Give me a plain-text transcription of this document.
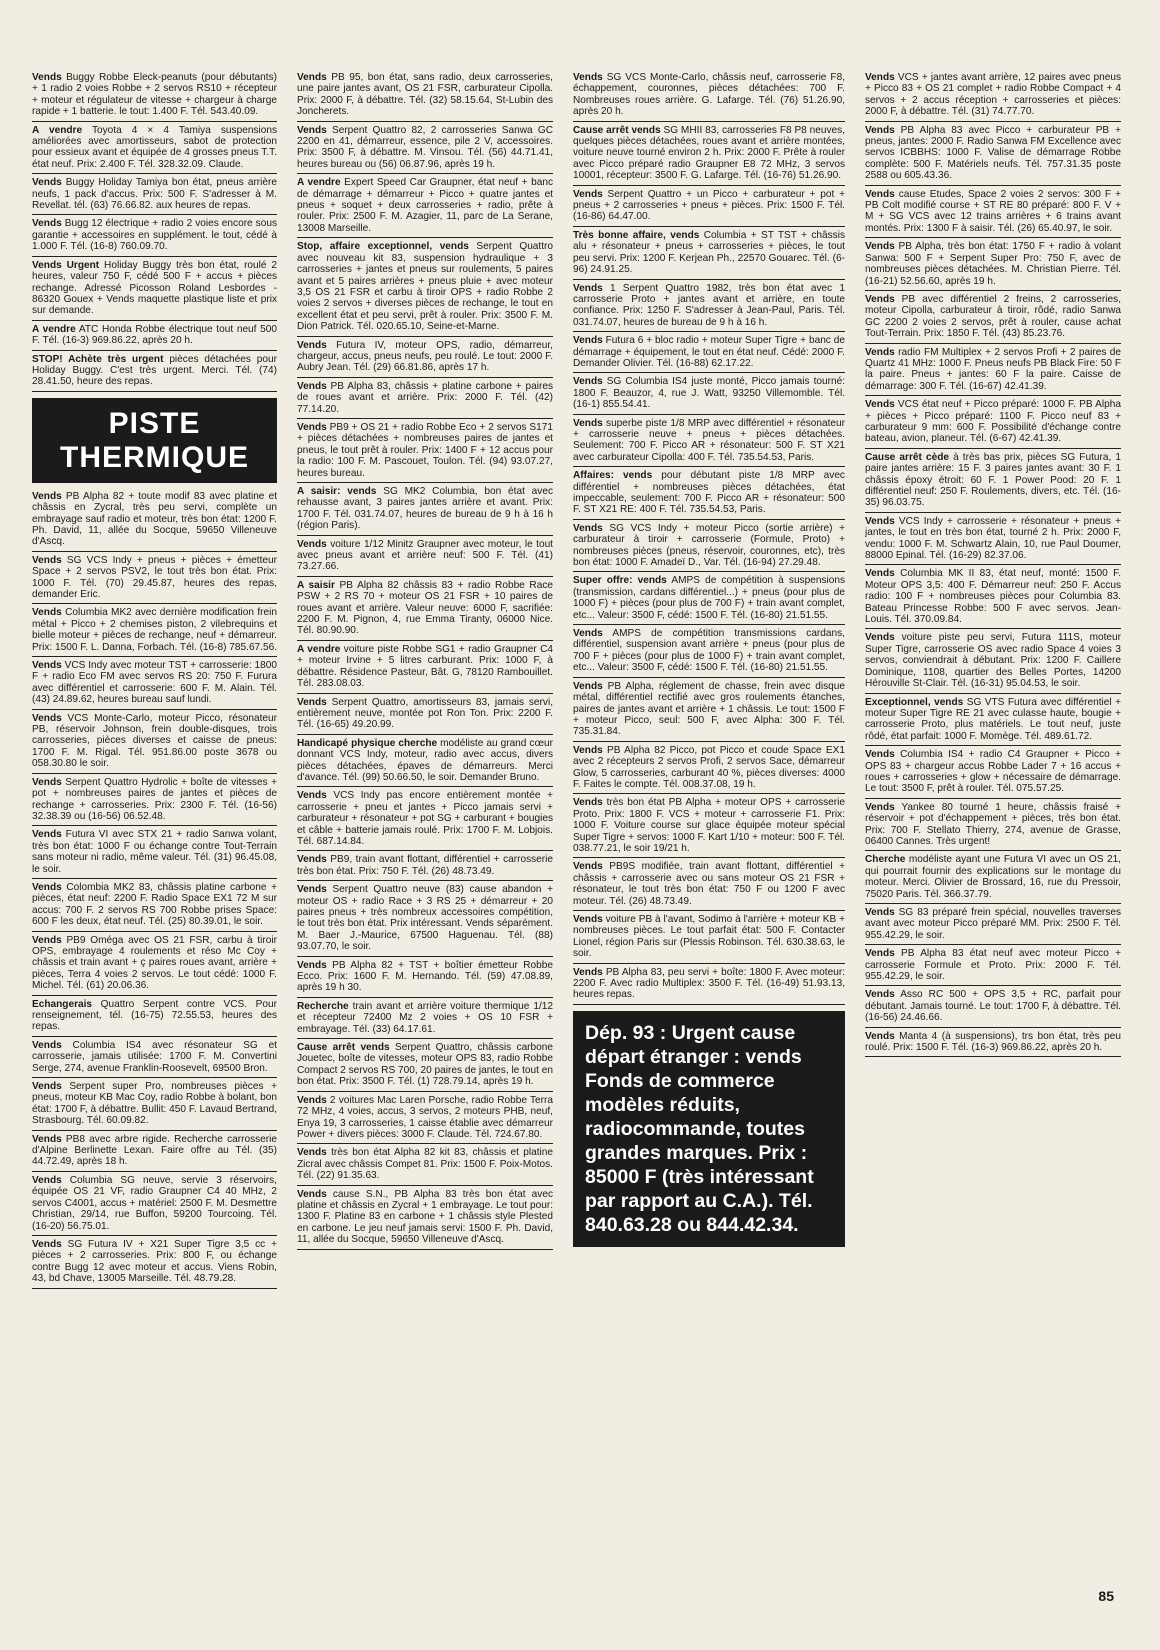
Vends Buggy Robbe Eleck-peanuts (pour débutants) + 1 radio 2 voies Robbe + 2 servos RS10 + récepteur + moteur et régulateur de vitesse + chargeur à charge rapide + 1 batterie. le tout: 1.400 F. Tél. 543.40.09.
A vendre Toyota 4 × 4 Tamiya suspensions améliorées avec amortisseurs, sabot de protection pour essieux avant et équipée de 4 grosses pneus T.T. état neuf. Prix: 2.400 F. Tél. 328.32.09. Claude.
Vends Buggy Holiday Tamiya bon état, pneus arrière neufs, 1 pack d'accus. Prix: 500 F. S'adresser à M. Revellat. tél. (63) 76.66.82. aux heures de repas.
Vends Bugg 12 électrique + radio 2 voies encore sous garantie + accessoires en supplément. le tout, cédé à 1.000 F. Tél. (16-8) 760.09.70.
Vends Urgent Holiday Buggy très bon état, roulé 2 heures, valeur 750 F, cédé 500 F + accus + pièces rechange. Adressé Picosson Roland Lesbordes - 86320 Gouex + Vends maquette plastique liste et prix sur demande.
A vendre ATC Honda Robbe électrique tout neuf 500 F. Tél. (16-3) 969.86.22, après 20 h.
STOP! Achète très urgent pièces détachées pour Holiday Buggy. C'est très urgent. Merci. Tél. (74) 28.41.50, heure des repas.
PISTE
THERMIQUE
Vends PB Alpha 82 + toute modif 83 avec platine et châssis en Zycral, très peu servi, complète un embrayage sauf radio et moteur, très bon état: 1200 F. Ph. David, 11, allée du Socque, 59650 Villeneuve d'Ascq.
Vends SG VCS Indy + pneus + pièces + émetteur Space + 2 servos PSV2, le tout très bon état. Prix: 1000 F. Tél. (70) 29.45.87, heures des repas, demander Eric.
Vends Columbia MK2 avec dernière modification frein métal + Picco + 2 chemises piston, 2 vilebrequins et bielle moteur + pièces de rechange, neuf + démarreur. Prix: 1500 F. L. Danna, Forbach. Tél. (16-8) 785.67.56.
Vends VCS Indy avec moteur TST + carrosserie: 1800 F + radio Eco FM avec servos RS 20: 750 F. Furura avec différentiel et carrosserie: 600 F. M. Alain. Tél. (43) 24.89.62, heures bureau sauf lundi.
Vends VCS Monte-Carlo, moteur Picco, résonateur PB, réservoir Johnson, frein double-disques, trois carrosseries, pièces diverses et caisse de pneus: 1700 F. M. Rigal. Tél. 951.86.00 poste 3678 ou 058.30.80 le soir.
Vends Serpent Quattro Hydrolic + boîte de vitesses + pot + nombreuses paires de jantes et pièces de rechange + carrosseries. Prix: 2300 F. Tél. (16-56) 32.38.39 ou (16-56) 06.52.48.
Vends Futura VI avec STX 21 + radio Sanwa volant, très bon état: 1000 F ou échange contre Tout-Terrain sans moteur ni radio, même valeur. Tél. (31) 96.45.08, le soir.
Vends Colombia MK2 83, châssis platine carbone + pièces, état neuf: 2200 F. Radio Space EX1 72 M sur accus: 700 F. 2 servos RS 700 Robbe prises Space: 600 F les deux, état neuf. Tél. (25) 80.39.01, le soir.
Vends PB9 Oméga avec OS 21 FSR, carbu à tiroir OPS, embrayage 4 roulements et réso Mc Coy + châssis et train avant + ç paires roues avant, arrière + pièces, Terra 4 voies 2 servos. Le tout cédé: 1000 F. Michel. Tél. (61) 20.06.36.
Echangerais Quattro Serpent contre VCS. Pour renseignement, tél. (16-75) 72.55.53, heures des repas.
Vends Columbia IS4 avec résonateur SG et carrosserie, jamais utilisée: 1700 F. M. Convertini Serge, 274, avenue Franklin-Roosevelt, 69500 Bron.
Vends Serpent super Pro, nombreuses pièces + pneus, moteur KB Mac Coy, radio Robbe à bolant, bon état: 1700 F, à débattre. Bullit: 450 F. Lavaud Bertrand, Strasbourg. Tél. 60.09.82.
Vends PB8 avec arbre rigide. Recherche carrosserie d'Alpine Berlinette Lexan. Faire offre au Tél. (35) 44.72.49, après 18 h.
Vends Columbia SG neuve, servie 3 réservoirs, équipée OS 21 VF, radio Graupner C4 40 MHz, 2 servos C4001, accus + matériel: 2500 F. M. Desmettre Christian, 29/14, rue Buffon, 59200 Tourcoing. Tél. (16-20) 56.75.01.
Vends SG Futura IV + X21 Super Tigre 3,5 cc + pièces + 2 carrosseries. Prix: 800 F, ou échange contre Bugg 12 avec moteur et accus. Viens Robin, 43, bd Chave, 13005 Marseille. Tél. 48.79.28.
Vends PB 95, bon état, sans radio, deux carrosseries, une paire jantes avant, OS 21 FSR, carburateur Cipolla. Prix: 2000 F, à débattre. Tél. (32) 58.15.64, St-Lubin des Joncherets.
Vends Serpent Quattro 82, 2 carrosseries Sanwa GC 2200 en 41, démarreur, essence, pile 2 V, accessoires. Prix: 3500 F, à débattre. M. Vinsou. Tél. (56) 44.71.41, heures bureau ou (56) 06.87.96, après 19 h.
A vendre Expert Speed Car Graupner, état neuf + banc de démarrage + démarreur + Picco + quatre jantes et pneus + soquet + deux carrosseries + radio, prête à rouler. Prix: 2500 F. M. Azagier, 11, parc de La Serane, 13008 Marseille.
Stop, affaire exceptionnel, vends Serpent Quattro avec nouveau kit 83, suspension hydraulique + 3 carrosseries + jantes et pneus sur roulements, 5 paires avant et 5 paires arrières + pneus pluie + avec moteur 3,5 OS 21 FSR et carbu à tiroir OPS + radio Robbe 2 voies 2 servos + diverses pièces de rechange, le tout en excellent état et peu servi, prêt à rouler. Prix: 3500 F. M. Dion Patrick. Tél. 020.65.10, Seine-et-Marne.
Vends Futura IV, moteur OPS, radio, démarreur, chargeur, accus, pneus neufs, peu roulé. Le tout: 2000 F. Aubry Jean. Tél. (29) 66.81.86, après 17 h.
Vends PB Alpha 83, châssis + platine carbone + paires de roues avant et arrière. Prix: 2000 F. Tél. (42) 77.14.20.
Vends PB9 + OS 21 + radio Robbe Eco + 2 servos S171 + pièces détachées + nombreuses paires de jantes et pneus, le tout prêt à rouler. Prix: 1400 F + 12 accus pour la radio: 100 F. M. Pascouet, Toulon. Tél. (94) 93.07.27, heures bureau.
A saisir: vends SG MK2 Columbia, bon état avec rehausse avant, 3 paires jantes arrière et avant. Prix: 1700 F. Tél. 031.74.07, heures de bureau de 9 h à 16 h (région Paris).
Vends voiture 1/12 Minitz Graupner avec moteur, le tout avec pneus avant et arrière neuf: 500 F. Tél. (41) 73.27.66.
A saisir PB Alpha 82 châssis 83 + radio Robbe Race PSW + 2 RS 70 + moteur OS 21 FSR + 10 paires de roues avant et arrière. Valeur neuve: 6000 F, sacrifiée: 2200 F. M. Pignon, 4, rue Emma Tiranty, 06000 Nice. Tél. 80.90.90.
A vendre voiture piste Robbe SG1 + radio Graupner C4 + moteur Irvine + 5 litres carburant. Prix: 1000 F, à débattre. Résidence Pasteur, Bât. G, 78120 Rambouillet. Tél. 283.08.03.
Vends Serpent Quattro, amortisseurs 83, jamais servi, entièrement neuve, montée pot Ron Ton. Prix: 2200 F. Tél. (16-65) 49.20.99.
Handicapé physique cherche modéliste au grand cœur donnant VCS Indy, moteur, radio avec accus, divers pièces détachées, épaves de démarreurs. Merci d'avance. Tél. (99) 50.66.50, le soir. Demander Bruno.
Vends VCS Indy pas encore entièrement montée + carrosserie + pneu et jantes + Picco jamais servi + carburateur + résonateur + pot SG + carburant + bougies et câble + batterie jamais roulé. Prix: 1700 F. M. Lobjois. Tél. 687.14.84.
Vends PB9, train avant flottant, différentiel + carrosserie très bon état. Prix: 750 F. Tél. (26) 48.73.49.
Vends Serpent Quattro neuve (83) cause abandon + moteur OS + radio Race + 3 RS 25 + démarreur + 20 paires pneus + très nombreux accessoires compétition, le tout très bon état. Prix intéressant. Vends séparément. M. Baer J.-Maurice, 67500 Haguenau. Tél. (88) 93.07.70, le soir.
Vends PB Alpha 82 + TST + boîtier émetteur Robbe Ecco. Prix: 1600 F. M. Hernando. Tél. (59) 47.08.89, après 19 h 30.
Recherche train avant et arrière voiture thermique 1/12 et récepteur 72400 Mz 2 voies + OS 10 FSR + embrayage. Tél. (33) 64.17.61.
Cause arrêt vends Serpent Quattro, châssis carbone Jouetec, boîte de vitesses, moteur OPS 83, radio Robbe Compact 2 servos RS 700, 20 paires de jantes, le tout en bon état. Prix: 3500 F. Tél. (1) 728.79.14, après 19 h.
Vends 2 voitures Mac Laren Porsche, radio Robbe Terra 72 MHz, 4 voies, accus, 3 servos, 2 moteurs PHB, neuf, Enya 19, 3 carrosseries, 1 caisse établie avec démarreur Power + divers pièces: 3000 F. Claude. Tél. 724.67.80.
Vends très bon état Alpha 82 kit 83, châssis et platine Zicral avec châssis Compet 81. Prix: 1500 F. Poix-Motos. Tél. (22) 91.35.63.
Vends cause S.N., PB Alpha 83 très bon état avec platine et châssis en Zycral + 1 embrayage. Le tout pour: 1300 F. Platine 83 en carbone + 1 châssis style Plested en carbone. Le jeu neuf jamais servi: 1500 F. Ph. David, 11, allée du Socque, 59650 Villeneuve d'Ascq.
Vends SG VCS Monte-Carlo, châssis neuf, carrosserie F8, échappement, couronnes, pièces détachées: 700 F. Nombreuses roues arrière. G. Lafarge. Tél. (76) 51.26.90, après 20 h.
Cause arrêt vends SG MHII 83, carrosseries F8 P8 neuves, quelques pièces détachées, roues avant et arrière montées, voiture neuve tourné environ 2 h. Prix: 2000 F. Prête à rouler avec Picco préparé radio Graupner E8 72 MHz, 3 servos 10001, récepteur: 3500 F. G. Lafarge. Tél. (16-76) 51.26.90.
Vends Serpent Quattro + un Picco + carburateur + pot + pneus + 2 carrosseries + pneus + pièces. Prix: 1500 F. Tél. (16-86) 64.47.00.
Très bonne affaire, vends Columbia + ST TST + châssis alu + résonateur + pneus + carrosseries + pièces, le tout peu servi. Prix: 1200 F. Kerjean Ph., 22570 Gouarec. Tél. (6-96) 24.91.25.
Vends 1 Serpent Quattro 1982, très bon état avec 1 carrosserie Proto + jantes avant et arrière, en toute confiance. Prix: 1250 F. S'adresser à Jean-Paul, Paris. Tél. 031.74.07, heures de bureau de 9 h à 16 h.
Vends Futura 6 + bloc radio + moteur Super Tigre + banc de démarrage + équipement, le tout en état neuf. Cédé: 2000 F. Demander Olivier. Tél. (16-88) 62.17.22.
Vends SG Columbia IS4 juste monté, Picco jamais tourné: 1800 F. Beauzor, 4, rue J. Watt, 93250 Villemomble. Tél. (16-1) 855.54.41.
Vends superbe piste 1/8 MRP avec différentiel + résonateur + carrosserie neuve + pneus + pièces détachées. Seulement: 700 F. Picco AR + résonateur: 500 F. ST X21 avec carburateur Cipolla: 400 F. Tél. 735.54.53, Paris.
Affaires: vends pour débutant piste 1/8 MRP avec différentiel + nombreuses pièces détachées, état impeccable, seulement: 700 F. Picco AR + résonateur: 500 F. ST X21 RE: 400 F. Tél. 735.54.53, Paris.
Vends SG VCS Indy + moteur Picco (sortie arrière) + carburateur à tiroir + carrosserie (Formule, Proto) + nombreuses pièces (pneus, réservoir, couronnes, etc), très bon état: 1000 F. Amadeï D., Var. Tél. (16-94) 27.29.48.
Super offre: vends AMPS de compétition à suspensions (transmission, cardans différentiel...) + pneus (pour plus de 1000 F) + pièces (pour plus de 700 F) + train avant complet, etc... Valeur: 3500 F, cédé: 1500 F. Tél. (16-80) 21.51.55.
Vends AMPS de compétition transmissions cardans, différentiel, suspension avant arrière + pneus (pour plus de 700 F + pièces (pour plus de 1000 F) + train avant complet, etc... Valeur: 3500 F, cédé: 1500 F. Tél. (16-80) 21.51.55.
Vends PB Alpha, réglement de chasse, frein avec disque métal, différentiel rectifié avec gros roulements étanches, paires de jantes avant et arrière + 1 châssis. Le tout: 1500 F + moteur Picco, seul: 500 F, avec Alpha: 300 F. Tél. 735.31.84.
Vends PB Alpha 82 Picco, pot Picco et coude Space EX1 avec 2 récepteurs 2 servos Profi, 2 servos Sace, démarreur Glow, 5 carrosseries, carburant 40 %, pièces diverses: 4000 F. Faites le compte. Tél. 008.37.08, 19 h.
Vends très bon état PB Alpha + moteur OPS + carrosserie Proto. Prix: 1800 F. VCS + moteur + carrosserie F1. Prix: 1000 F. Voiture course sur glace équipée moteur spécial Super Tigre + servos: 1000 F. Kart 1/10 + moteur: 500 F. Tél. 038.77.21, le soir 19/21 h.
Vends PB9S modifiée, train avant flottant, différentiel + châssis + carrosserie avec ou sans moteur OS 21 FSR + résonateur, le tout très bon état: 750 F ou 1200 F avec moteur. Tél. (26) 48.73.49.
Vends voiture PB à l'avant, Sodimo à l'arrière + moteur KB + nombreuses pièces. Le tout parfait état: 500 F. Contacter Lionel, région Paris sur (Plessis Robinson. Tél. 630.38.63, le soir.
Vends PB Alpha 83, peu servi + boîte: 1800 F. Avec moteur: 2200 F. Avec radio Multiplex: 3500 F. Tél. (16-49) 51.93.13, heures repas.
Dép. 93 : Urgent cause départ étranger : vends Fonds de commerce modèles réduits, radiocommande, toutes grandes marques. Prix : 85000 F (très intéressant par rapport au C.A.). Tél. 840.63.28 ou 844.42.34.
Vends VCS + jantes avant arrière, 12 paires avec pneus + Picco 83 + OS 21 complet + radio Robbe Compact + 4 servos + 2 accus réception + carrosseries et pièces: 2000 F, à débattre. Tél. (31) 74.77.70.
Vends PB Alpha 83 avec Picco + carburateur PB + pneus, jantes: 2000 F. Radio Sanwa FM Excellence avec servos ICBBHS: 1000 F. Valise de démarrage Robbe complète: 500 F. Matériels neufs. Tél. 757.31.35 poste 2588 ou 605.43.36.
Vends cause Etudes, Space 2 voies 2 servos: 300 F + PB Colt modifié course + ST RE 80 préparé: 800 F. V + M + SG VCS avec 12 trains arrières + 6 trains avant montés. Prix: 1300 F à saisir. Tél. (26) 65.40.97, le soir.
Vends PB Alpha, très bon état: 1750 F + radio à volant Sanwa: 500 F + Serpent Super Pro: 750 F, avec de nombreuses pièces détachées. M. Christian Pierre. Tél. (16-21) 52.56.60, après 19 h.
Vends PB avec différentiel 2 freins, 2 carrosseries, moteur Cipolla, carburateur à tiroir, rôdé, radio Sanwa GC 2200 2 voies 2 servos, prêt à rouler, cause achat Tout-Terrain. Prix: 1850 F. Tél. (43) 85.23.76.
Vends radio FM Multiplex + 2 servos Profi + 2 paires de Quartz 41 MHz: 1000 F. Pneus neufs PB Black Fire: 50 F la paire. Pneus + jantes: 60 F la paire. Caisse de démarrage: 300 F. Tél. (16-67) 42.41.39.
Vends VCS état neuf + Picco préparé: 1000 F. PB Alpha + pièces + Picco préparé: 1100 F. Picco neuf 83 + carburateur 9 mm: 600 F. Possibilité d'échange contre bateau, avion, planeur. Tél. (6-67) 42.41.39.
Cause arrêt cède à très bas prix, pièces SG Futura, 1 paire jantes arrière: 15 F. 3 paires jantes avant: 30 F. 1 châssis époxy étroit: 60 F. 1 Power Pood: 20 F. 1 différentiel neuf: 250 F. Roulements, divers, etc. Tél. (16-35) 96.03.75.
Vends VCS Indy + carrosserie + résonateur + pneus + jantes, le tout en très bon état, tourné 2 h. Prix: 2000 F, vendu: 1000 F. M. Schwartz Alain, 10, rue Paul Doumer, 88000 Epinal. Tél. (16-29) 82.37.06.
Vends Columbia MK II 83, état neuf, monté: 1500 F. Moteur OPS 3,5: 400 F. Démarreur neuf: 250 F. Accus radio: 100 F + nombreuses pièces pour Columbia 83. Bateau Princesse Robbe: 500 F avec servos. Jean-Louis. Tél. 370.09.84.
Vends voiture piste peu servi, Futura 111S, moteur Super Tigre, carrosserie OS avec radio Space 4 voies 3 servos, conviendrait à débutant. Prix: 1200 F. Caillere Dominique, 1108, quartier des Belles Portes, 14200 Hérouville St-Clair. Tél. (16-31) 95.04.53, le soir.
Exceptionnel, vends SG VTS Futura avec différentiel + moteur Super Tigre RE 21 avec culasse haute, bougie + carrosserie Proto, plus matériels. Le tout neuf, juste rôdé, état parfait: 1000 F. Momège. Tél. 489.61.72.
Vends Columbia IS4 + radio C4 Graupner + Picco + OPS 83 + chargeur accus Robbe Lader 7 + 16 accus + roues + carrosseries + glow + nécessaire de démarrage. Le tout: 3500 F, prêt à rouler. Tél. 075.57.25.
Vends Yankee 80 tourné 1 heure, châssis fraisé + réservoir + pot d'échappement + pièces, très bon état. Prix: 700 F. Stellato Thierry, 274, avenue de Grasse, 06400 Cannes. Très urgent!
Cherche modéliste ayant une Futura VI avec un OS 21, qui pourrait fournir des explications sur le montage du moteur. Merci. Olivier de Brossard, 16, rue du Pressoir, 75020 Paris. Tél. 366.37.79.
Vends SG 83 préparé frein spécial, nouvelles traverses avant avec moteur Picco préparé MM. Prix: 2500 F. Tél. 955.42.29, le soir.
Vends PB Alpha 83 état neuf avec moteur Picco + carrosserie Formule et Proto. Prix: 2000 F. Tél. 955.42.29, le soir.
Vends Asso RC 500 + OPS 3,5 + RC, parfait pour débutant. Jamais tourné. Le tout: 1700 F, à débattre. Tél. (16-56) 24.46.66.
Vends Manta 4 (à suspensions), trs bon état, très peu roulé. Prix: 1500 F. Tél. (16-3) 969.86.22, après 20 h.
85
